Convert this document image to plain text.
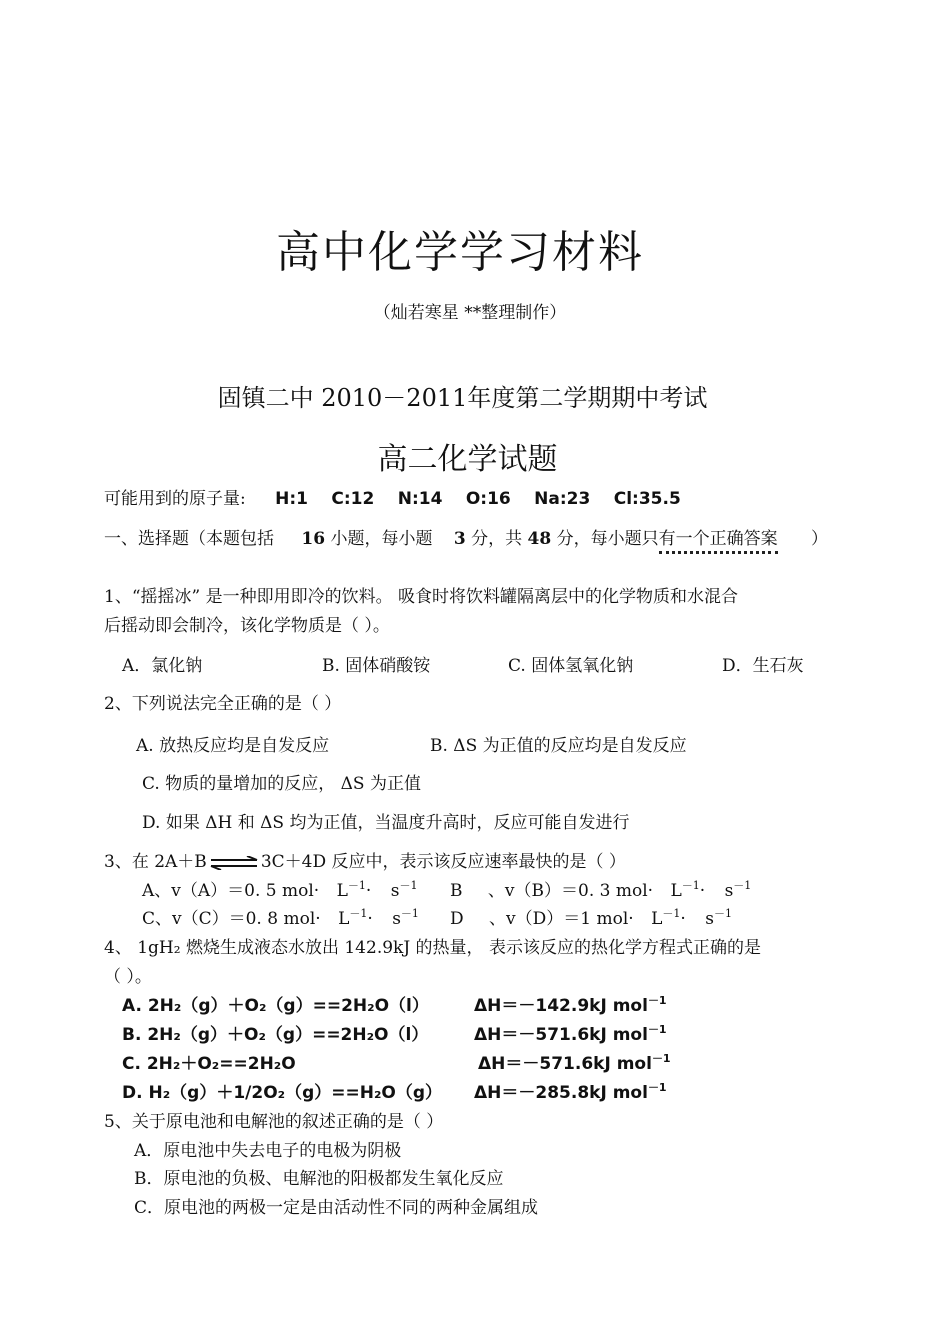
高中化学学习材料
（灿若寒星 **整理制作）
固镇二中 2010－2011年度第二学期期中考试
高二化学试题
可能用到的原子量: H:1 C:12 N:14 O:16 Na:23 Cl:35.5
一、选择题（本题包括 16 小题，每小题 3 分，共 48 分，每小题只有一个正确答案 ）
1、“摇摇冰” 是一种即用即冷的饮料。 吸食时将饮料罐隔离层中的化学物质和水混合
后摇动即会制冷，该化学物质是（ ）。
A．氯化钠	B. 固体硝酸铵	C. 固体氢氧化钠	D．生石灰
2、下列说法完全正确的是（ ）
A. 放热反应均是自发反应	B. ΔS 为正值的反应均是自发反应
C. 物质的量增加的反应， ΔS 为正值
D. 如果 ΔH 和 ΔS 均为正值，当温度升高时，反应可能自发进行
3、在 2A＋B ⇌ 3C＋4D 反应中，表示该反应速率最快的是（ ）
A、v（A）＝0. 5 $mol\cdot L^{-1}\cdot s^{-1}$ B 、v（B）＝0. 3 $mol\cdot L^{-1}\cdot s^{-1}$
C、v（C）＝0. 8 $mol\cdot L^{-1}\cdot s^{-1}$ D 、v（D）＝1 $mol\cdot L^{-1}\cdot s^{-1}$
4、 1gH₂ 燃烧生成液态水放出 142.9kJ 的热量， 表示该反应的热化学方程式正确的是
（ ）。
A. 2H₂（g）＋O₂（g）==2H₂O（l）	ΔH＝－142.9kJ mol$^{-1}$
B. 2H₂（g）＋O₂（g）==2H₂O（l）	ΔH＝－571.6kJ mol$^{-1}$
C. 2H₂＋O₂==2H₂O	ΔH＝－571.6kJ mol$^{-1}$
D. H₂（g）＋1/2O₂（g）==H₂O（g） ΔH＝－285.8kJ mol$^{-1}$
5、关于原电池和电解池的叙述正确的是（ ）
A．原电池中失去电子的电极为阴极
B．原电池的负极、电解池的阳极都发生氧化反应
C．原电池的两极一定是由活动性不同的两种金属组成
